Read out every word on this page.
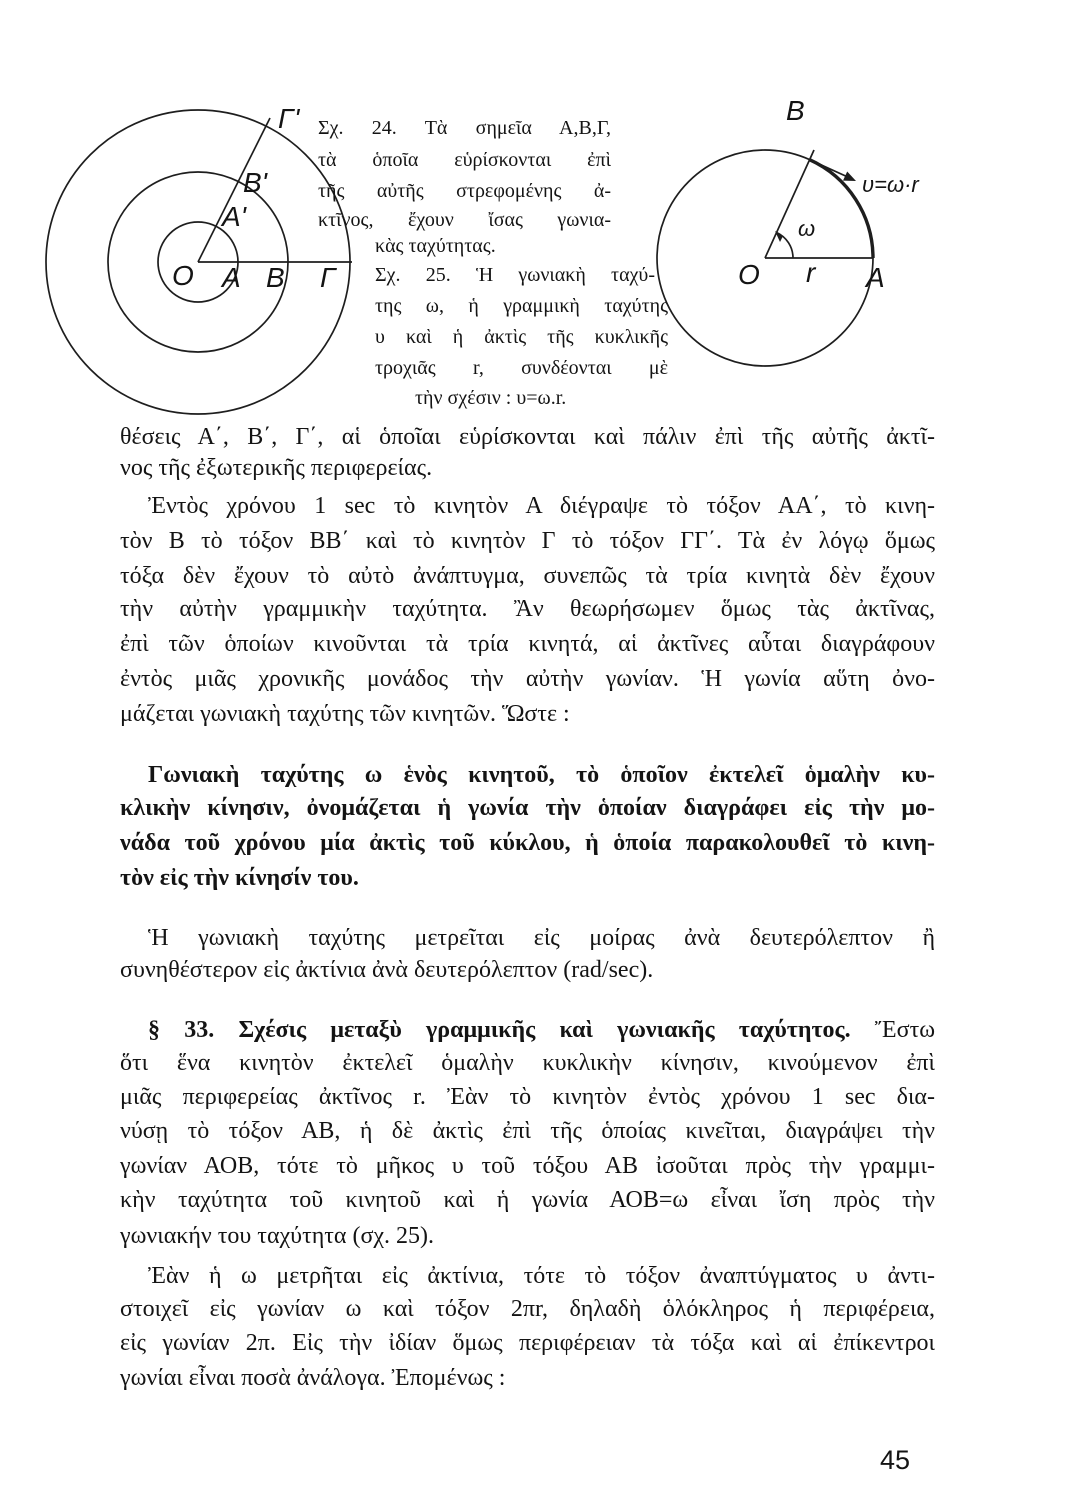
Γ'
Β'
Α'
Ο Α Β Γ
Β
Ο r Α
ω
υ=ω·r
Σχ. 24. Τὰ σημεῖα Α,Β,Γ,
τὰ ὁποῖα εὑρίσκονται ἐπὶ
τῆς αὐτῆς στρεφομένης ἀ-
κτῖνος, ἔχουν ἴσας γωνια-
κὰς ταχύτητας.
Σχ. 25. Ἡ γωνιακὴ ταχύ-
της ω, ἡ γραμμικὴ ταχύτης
υ καὶ ἡ ἀκτὶς τῆς κυκλικῆς
τροχιᾶς r, συνδέονται μὲ
τὴν σχέσιν : υ=ω.r.
θέσεις Α΄, Β΄, Γ΄, αἱ ὁποῖαι εὑρίσκονται καὶ πάλιν ἐπὶ τῆς αὐτῆς ἀκτῖ-
νος τῆς ἐξωτερικῆς περιφερείας.
Ἐντὸς χρόνου 1 sec τὸ κινητὸν Α διέγραψε τὸ τόξον ΑΑ΄, τὸ κινη-
τὸν Β τὸ τόξον ΒΒ΄ καὶ τὸ κινητὸν Γ τὸ τόξον ΓΓ΄. Τὰ ἐν λόγῳ ὅμως
τόξα δὲν ἔχουν τὸ αὐτὸ ἀνάπτυγμα, συνεπῶς τὰ τρία κινητὰ δὲν ἔχουν
τὴν αὐτὴν γραμμικὴν ταχύτητα. Ἂν θεωρήσωμεν ὅμως τὰς ἀκτῖνας,
ἐπὶ τῶν ὁποίων κινοῦνται τὰ τρία κινητά, αἱ ἀκτῖνες αὗται διαγράφουν
ἐντὸς μιᾶς χρονικῆς μονάδος τὴν αὐτὴν γωνίαν. Ἡ γωνία αὕτη ὀνο-
μάζεται γωνιακὴ ταχύτης τῶν κινητῶν. Ὥστε :
Γωνιακὴ ταχύτης ω ἑνὸς κινητοῦ, τὸ ὁποῖον ἐκτελεῖ ὁμαλὴν κυ-
κλικὴν κίνησιν, ὀνομάζεται ἡ γωνία τὴν ὁποίαν διαγράφει εἰς τὴν μο-
νάδα τοῦ χρόνου μία ἀκτὶς τοῦ κύκλου, ἡ ὁποία παρακολουθεῖ τὸ κινη-
τὸν εἰς τὴν κίνησίν του.
Ἡ γωνιακὴ ταχύτης μετρεῖται εἰς μοίρας ἀνὰ δευτερόλεπτον ἢ
συνηθέστερον εἰς ἀκτίνια ἀνὰ δευτερόλεπτον (rad/sec).
§ 33. Σχέσις μεταξὺ γραμμικῆς καὶ γωνιακῆς ταχύτητος. Ἔστω
ὅτι ἕνα κινητὸν ἐκτελεῖ ὁμαλὴν κυκλικὴν κίνησιν, κινούμενον ἐπὶ
μιᾶς περιφερείας ἀκτῖνος r. Ἐὰν τὸ κινητὸν ἐντὸς χρόνου 1 sec δια-
νύσῃ τὸ τόξον ΑΒ, ἡ δὲ ἀκτὶς ἐπὶ τῆς ὁποίας κινεῖται, διαγράψει τὴν
γωνίαν ΑΟΒ, τότε τὸ μῆκος υ τοῦ τόξου ΑΒ ἰσοῦται πρὸς τὴν γραμμι-
κὴν ταχύτητα τοῦ κινητοῦ καὶ ἡ γωνία ΑΟΒ=ω εἶναι ἴση πρὸς τὴν
γωνιακήν του ταχύτητα (σχ. 25).
Ἐὰν ἡ ω μετρῆται εἰς ἀκτίνια, τότε τὸ τόξον ἀναπτύγματος υ ἀντι-
στοιχεῖ εἰς γωνίαν ω καὶ τόξον 2πr, δηλαδὴ ὁλόκληρος ἡ περιφέρεια,
εἰς γωνίαν 2π. Εἰς τὴν ἰδίαν ὅμως περιφέρειαν τὰ τόξα καὶ αἱ ἐπίκεντροι
γωνίαι εἶναι ποσὰ ἀνάλογα. Ἐπομένως :
45
